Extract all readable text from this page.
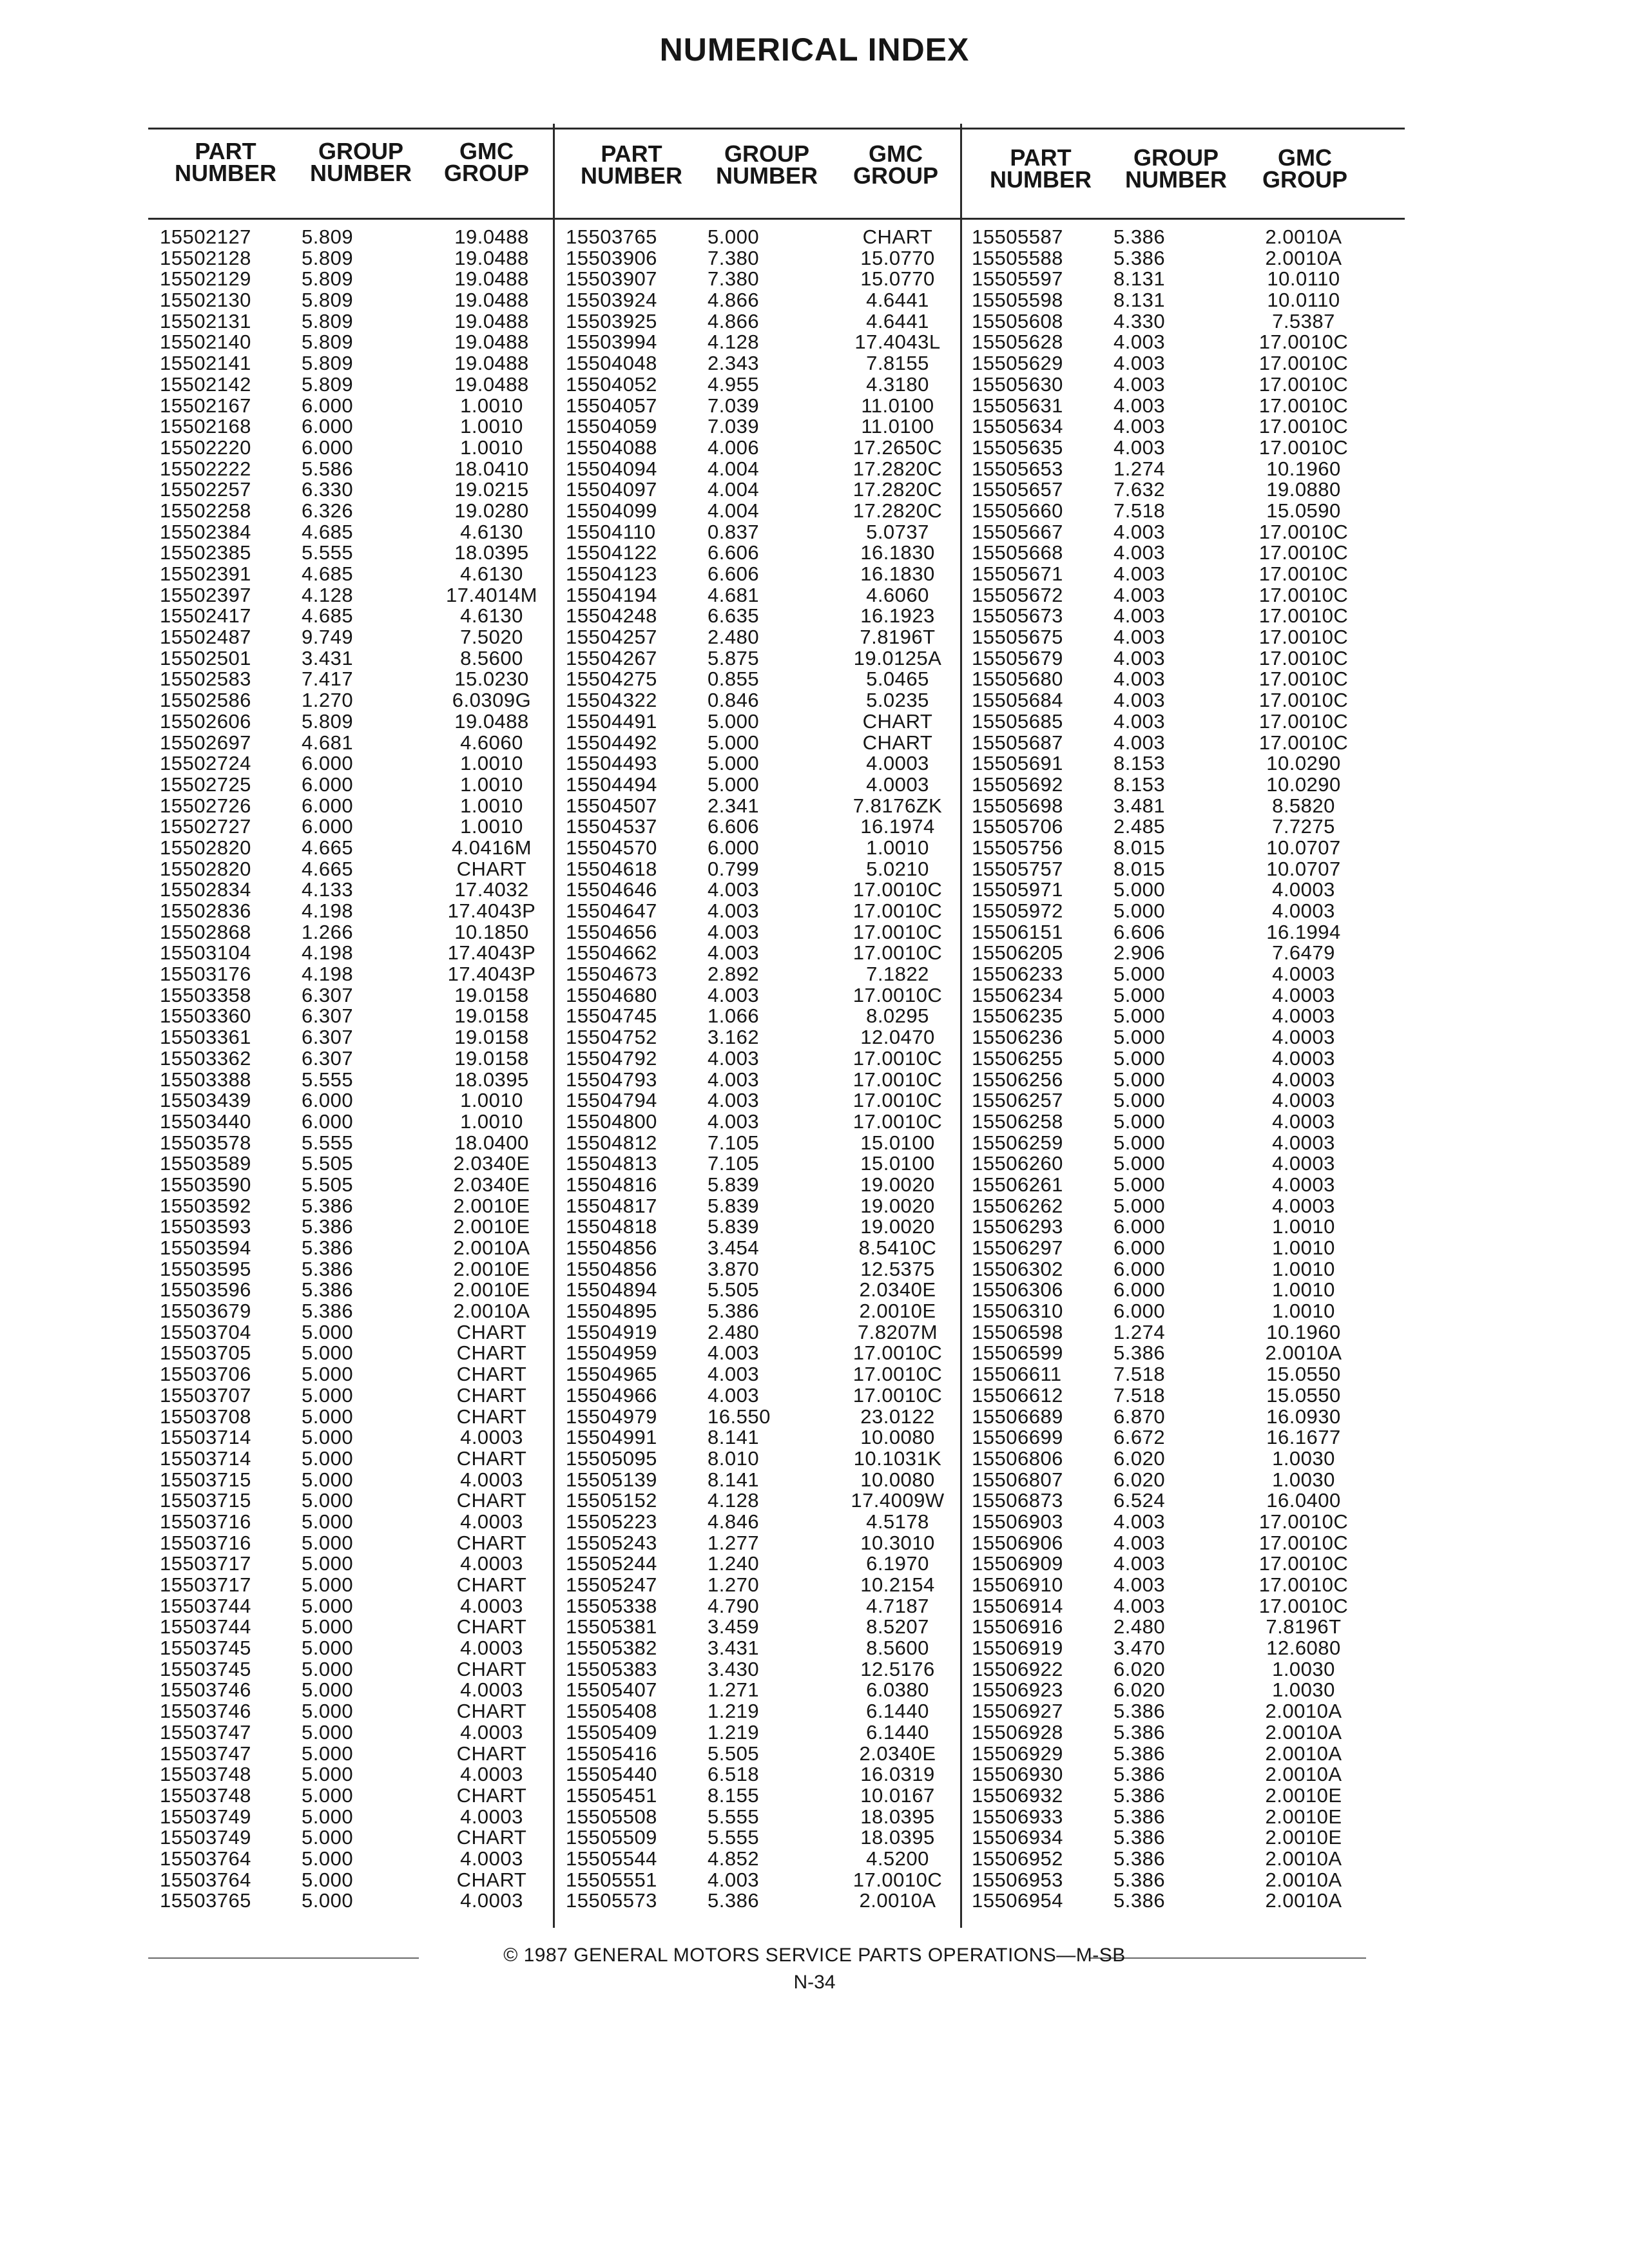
NUMERICAL INDEX
PART
NUMBER
GROUP
NUMBER
GMC
GROUP
PART
NUMBER
GROUP
NUMBER
GMC
GROUP
PART
NUMBER
GROUP
NUMBER
GMC
GROUP
15502127	5.809	19.0488
15502128	5.809	19.0488
15502129	5.809	19.0488
15502130	5.809	19.0488
15502131	5.809	19.0488
15502140	5.809	19.0488
15502141	5.809	19.0488
15502142	5.809	19.0488
15502167	6.000	1.0010
15502168	6.000	1.0010
15502220	6.000	1.0010
15502222	5.586	18.0410
15502257	6.330	19.0215
15502258	6.326	19.0280
15502384	4.685	4.6130
15502385	5.555	18.0395
15502391	4.685	4.6130
15502397	4.128	17.4014M
15502417	4.685	4.6130
15502487	9.749	7.5020
15502501	3.431	8.5600
15502583	7.417	15.0230
15502586	1.270	6.0309G
15502606	5.809	19.0488
15502697	4.681	4.6060
15502724	6.000	1.0010
15502725	6.000	1.0010
15502726	6.000	1.0010
15502727	6.000	1.0010
15502820	4.665	4.0416M
15502820	4.665	CHART
15502834	4.133	17.4032
15502836	4.198	17.4043P
15502868	1.266	10.1850
15503104	4.198	17.4043P
15503176	4.198	17.4043P
15503358	6.307	19.0158
15503360	6.307	19.0158
15503361	6.307	19.0158
15503362	6.307	19.0158
15503388	5.555	18.0395
15503439	6.000	1.0010
15503440	6.000	1.0010
15503578	5.555	18.0400
15503589	5.505	2.0340E
15503590	5.505	2.0340E
15503592	5.386	2.0010E
15503593	5.386	2.0010E
15503594	5.386	2.0010A
15503595	5.386	2.0010E
15503596	5.386	2.0010E
15503679	5.386	2.0010A
15503704	5.000	CHART
15503705	5.000	CHART
15503706	5.000	CHART
15503707	5.000	CHART
15503708	5.000	CHART
15503714	5.000	4.0003
15503714	5.000	CHART
15503715	5.000	4.0003
15503715	5.000	CHART
15503716	5.000	4.0003
15503716	5.000	CHART
15503717	5.000	4.0003
15503717	5.000	CHART
15503744	5.000	4.0003
15503744	5.000	CHART
15503745	5.000	4.0003
15503745	5.000	CHART
15503746	5.000	4.0003
15503746	5.000	CHART
15503747	5.000	4.0003
15503747	5.000	CHART
15503748	5.000	4.0003
15503748	5.000	CHART
15503749	5.000	4.0003
15503749	5.000	CHART
15503764	5.000	4.0003
15503764	5.000	CHART
15503765	5.000	4.0003
15503765	5.000	CHART
15503906	7.380	15.0770
15503907	7.380	15.0770
15503924	4.866	4.6441
15503925	4.866	4.6441
15503994	4.128	17.4043L
15504048	2.343	7.8155
15504052	4.955	4.3180
15504057	7.039	11.0100
15504059	7.039	11.0100
15504088	4.006	17.2650C
15504094	4.004	17.2820C
15504097	4.004	17.2820C
15504099	4.004	17.2820C
15504110	0.837	5.0737
15504122	6.606	16.1830
15504123	6.606	16.1830
15504194	4.681	4.6060
15504248	6.635	16.1923
15504257	2.480	7.8196T
15504267	5.875	19.0125A
15504275	0.855	5.0465
15504322	0.846	5.0235
15504491	5.000	CHART
15504492	5.000	CHART
15504493	5.000	4.0003
15504494	5.000	4.0003
15504507	2.341	7.8176ZK
15504537	6.606	16.1974
15504570	6.000	1.0010
15504618	0.799	5.0210
15504646	4.003	17.0010C
15504647	4.003	17.0010C
15504656	4.003	17.0010C
15504662	4.003	17.0010C
15504673	2.892	7.1822
15504680	4.003	17.0010C
15504745	1.066	8.0295
15504752	3.162	12.0470
15504792	4.003	17.0010C
15504793	4.003	17.0010C
15504794	4.003	17.0010C
15504800	4.003	17.0010C
15504812	7.105	15.0100
15504813	7.105	15.0100
15504816	5.839	19.0020
15504817	5.839	19.0020
15504818	5.839	19.0020
15504856	3.454	8.5410C
15504856	3.870	12.5375
15504894	5.505	2.0340E
15504895	5.386	2.0010E
15504919	2.480	7.8207M
15504959	4.003	17.0010C
15504965	4.003	17.0010C
15504966	4.003	17.0010C
15504979	16.550	23.0122
15504991	8.141	10.0080
15505095	8.010	10.1031K
15505139	8.141	10.0080
15505152	4.128	17.4009W
15505223	4.846	4.5178
15505243	1.277	10.3010
15505244	1.240	6.1970
15505247	1.270	10.2154
15505338	4.790	4.7187
15505381	3.459	8.5207
15505382	3.431	8.5600
15505383	3.430	12.5176
15505407	1.271	6.0380
15505408	1.219	6.1440
15505409	1.219	6.1440
15505416	5.505	2.0340E
15505440	6.518	16.0319
15505451	8.155	10.0167
15505508	5.555	18.0395
15505509	5.555	18.0395
15505544	4.852	4.5200
15505551	4.003	17.0010C
15505573	5.386	2.0010A
15505587	5.386	2.0010A
15505588	5.386	2.0010A
15505597	8.131	10.0110
15505598	8.131	10.0110
15505608	4.330	7.5387
15505628	4.003	17.0010C
15505629	4.003	17.0010C
15505630	4.003	17.0010C
15505631	4.003	17.0010C
15505634	4.003	17.0010C
15505635	4.003	17.0010C
15505653	1.274	10.1960
15505657	7.632	19.0880
15505660	7.518	15.0590
15505667	4.003	17.0010C
15505668	4.003	17.0010C
15505671	4.003	17.0010C
15505672	4.003	17.0010C
15505673	4.003	17.0010C
15505675	4.003	17.0010C
15505679	4.003	17.0010C
15505680	4.003	17.0010C
15505684	4.003	17.0010C
15505685	4.003	17.0010C
15505687	4.003	17.0010C
15505691	8.153	10.0290
15505692	8.153	10.0290
15505698	3.481	8.5820
15505706	2.485	7.7275
15505756	8.015	10.0707
15505757	8.015	10.0707
15505971	5.000	4.0003
15505972	5.000	4.0003
15506151	6.606	16.1994
15506205	2.906	7.6479
15506233	5.000	4.0003
15506234	5.000	4.0003
15506235	5.000	4.0003
15506236	5.000	4.0003
15506255	5.000	4.0003
15506256	5.000	4.0003
15506257	5.000	4.0003
15506258	5.000	4.0003
15506259	5.000	4.0003
15506260	5.000	4.0003
15506261	5.000	4.0003
15506262	5.000	4.0003
15506293	6.000	1.0010
15506297	6.000	1.0010
15506302	6.000	1.0010
15506306	6.000	1.0010
15506310	6.000	1.0010
15506598	1.274	10.1960
15506599	5.386	2.0010A
15506611	7.518	15.0550
15506612	7.518	15.0550
15506689	6.870	16.0930
15506699	6.672	16.1677
15506806	6.020	1.0030
15506807	6.020	1.0030
15506873	6.524	16.0400
15506903	4.003	17.0010C
15506906	4.003	17.0010C
15506909	4.003	17.0010C
15506910	4.003	17.0010C
15506914	4.003	17.0010C
15506916	2.480	7.8196T
15506919	3.470	12.6080
15506922	6.020	1.0030
15506923	6.020	1.0030
15506927	5.386	2.0010A
15506928	5.386	2.0010A
15506929	5.386	2.0010A
15506930	5.386	2.0010A
15506932	5.386	2.0010E
15506933	5.386	2.0010E
15506934	5.386	2.0010E
15506952	5.386	2.0010A
15506953	5.386	2.0010A
15506954	5.386	2.0010A
© 1987 GENERAL MOTORS SERVICE PARTS OPERATIONS—M-SB
N-34
